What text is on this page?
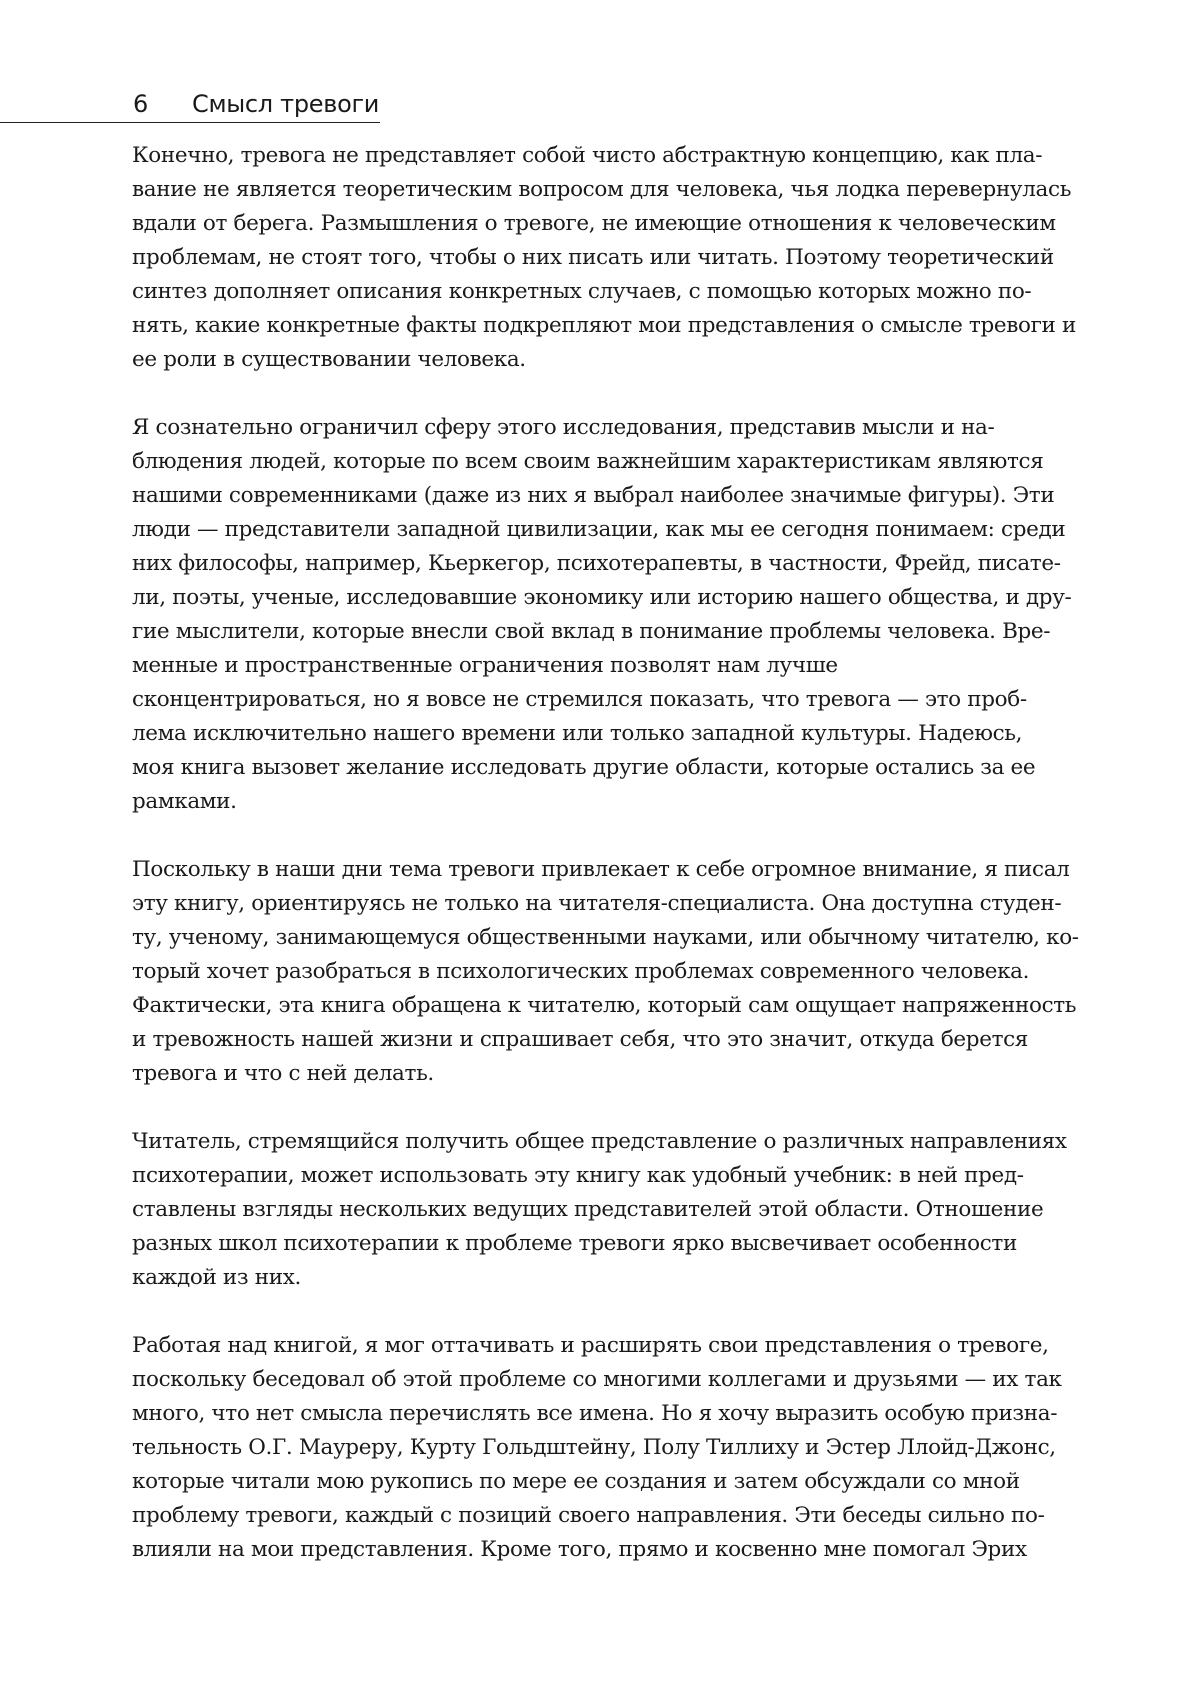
6 Смысл тревоги

Конечно, тревога не представляет собой чисто абстрактную концепцию, как пла-
вание не является теоретическим вопросом для человека, чья лодка перевернулась
вдали от берега. Размышления о тревоге, не имеющие отношения к человеческим
проблемам, не стоят того, чтобы о них писать или читать. Поэтому теоретический
синтез дополняет описания конкретных случаев, с помощью которых можно по-
нять, какие конкретные факты подкрепляют мои представления о смысле тревоги и
ее роли в существовании человека.

Я сознательно ограничил сферу этого исследования, представив мысли и на-
блюдения людей, которые по всем своим важнейшим характеристикам являются
нашими современниками (даже из них я выбрал наиболее значимые фигуры). Эти
люди — представители западной цивилизации, как мы ее сегодня понимаем: среди
них философы, например, Кьеркегор, психотерапевты, в частности, Фрейд, писате-
ли, поэты, ученые, исследовавшие экономику или историю нашего общества, и дру-
гие мыслители, которые внесли свой вклад в понимание проблемы человека. Вре-
менные и пространственные ограничения позволят нам лучше
сконцентрироваться, но я вовсе не стремился показать, что тревога — это проб-
лема исключительно нашего времени или только западной культуры. Надеюсь,
моя книга вызовет желание исследовать другие области, которые остались за ее
рамками.

Поскольку в наши дни тема тревоги привлекает к себе огромное внимание, я писал
эту книгу, ориентируясь не только на читателя-специалиста. Она доступна студен-
ту, ученому, занимающемуся общественными науками, или обычному читателю, ко-
торый хочет разобраться в психологических проблемах современного человека.
Фактически, эта книга обращена к читателю, который сам ощущает напряженность
и тревожность нашей жизни и спрашивает себя, что это значит, откуда берется
тревога и что с ней делать.

Читатель, стремящийся получить общее представление о различных направлениях
психотерапии, может использовать эту книгу как удобный учебник: в ней пред-
ставлены взгляды нескольких ведущих представителей этой области. Отношение
разных школ психотерапии к проблеме тревоги ярко высвечивает особенности
каждой из них.

Работая над книгой, я мог оттачивать и расширять свои представления о тревоге,
поскольку беседовал об этой проблеме со многими коллегами и друзьями — их так
много, что нет смысла перечислять все имена. Но я хочу выразить особую призна-
тельность О.Г. Мауреру, Курту Гольдштейну, Полу Тиллиху и Эстер Ллойд-Джонс,
которые читали мою рукопись по мере ее создания и затем обсуждали со мной
проблему тревоги, каждый с позиций своего направления. Эти беседы сильно по-
влияли на мои представления. Кроме того, прямо и косвенно мне помогал Эрих
